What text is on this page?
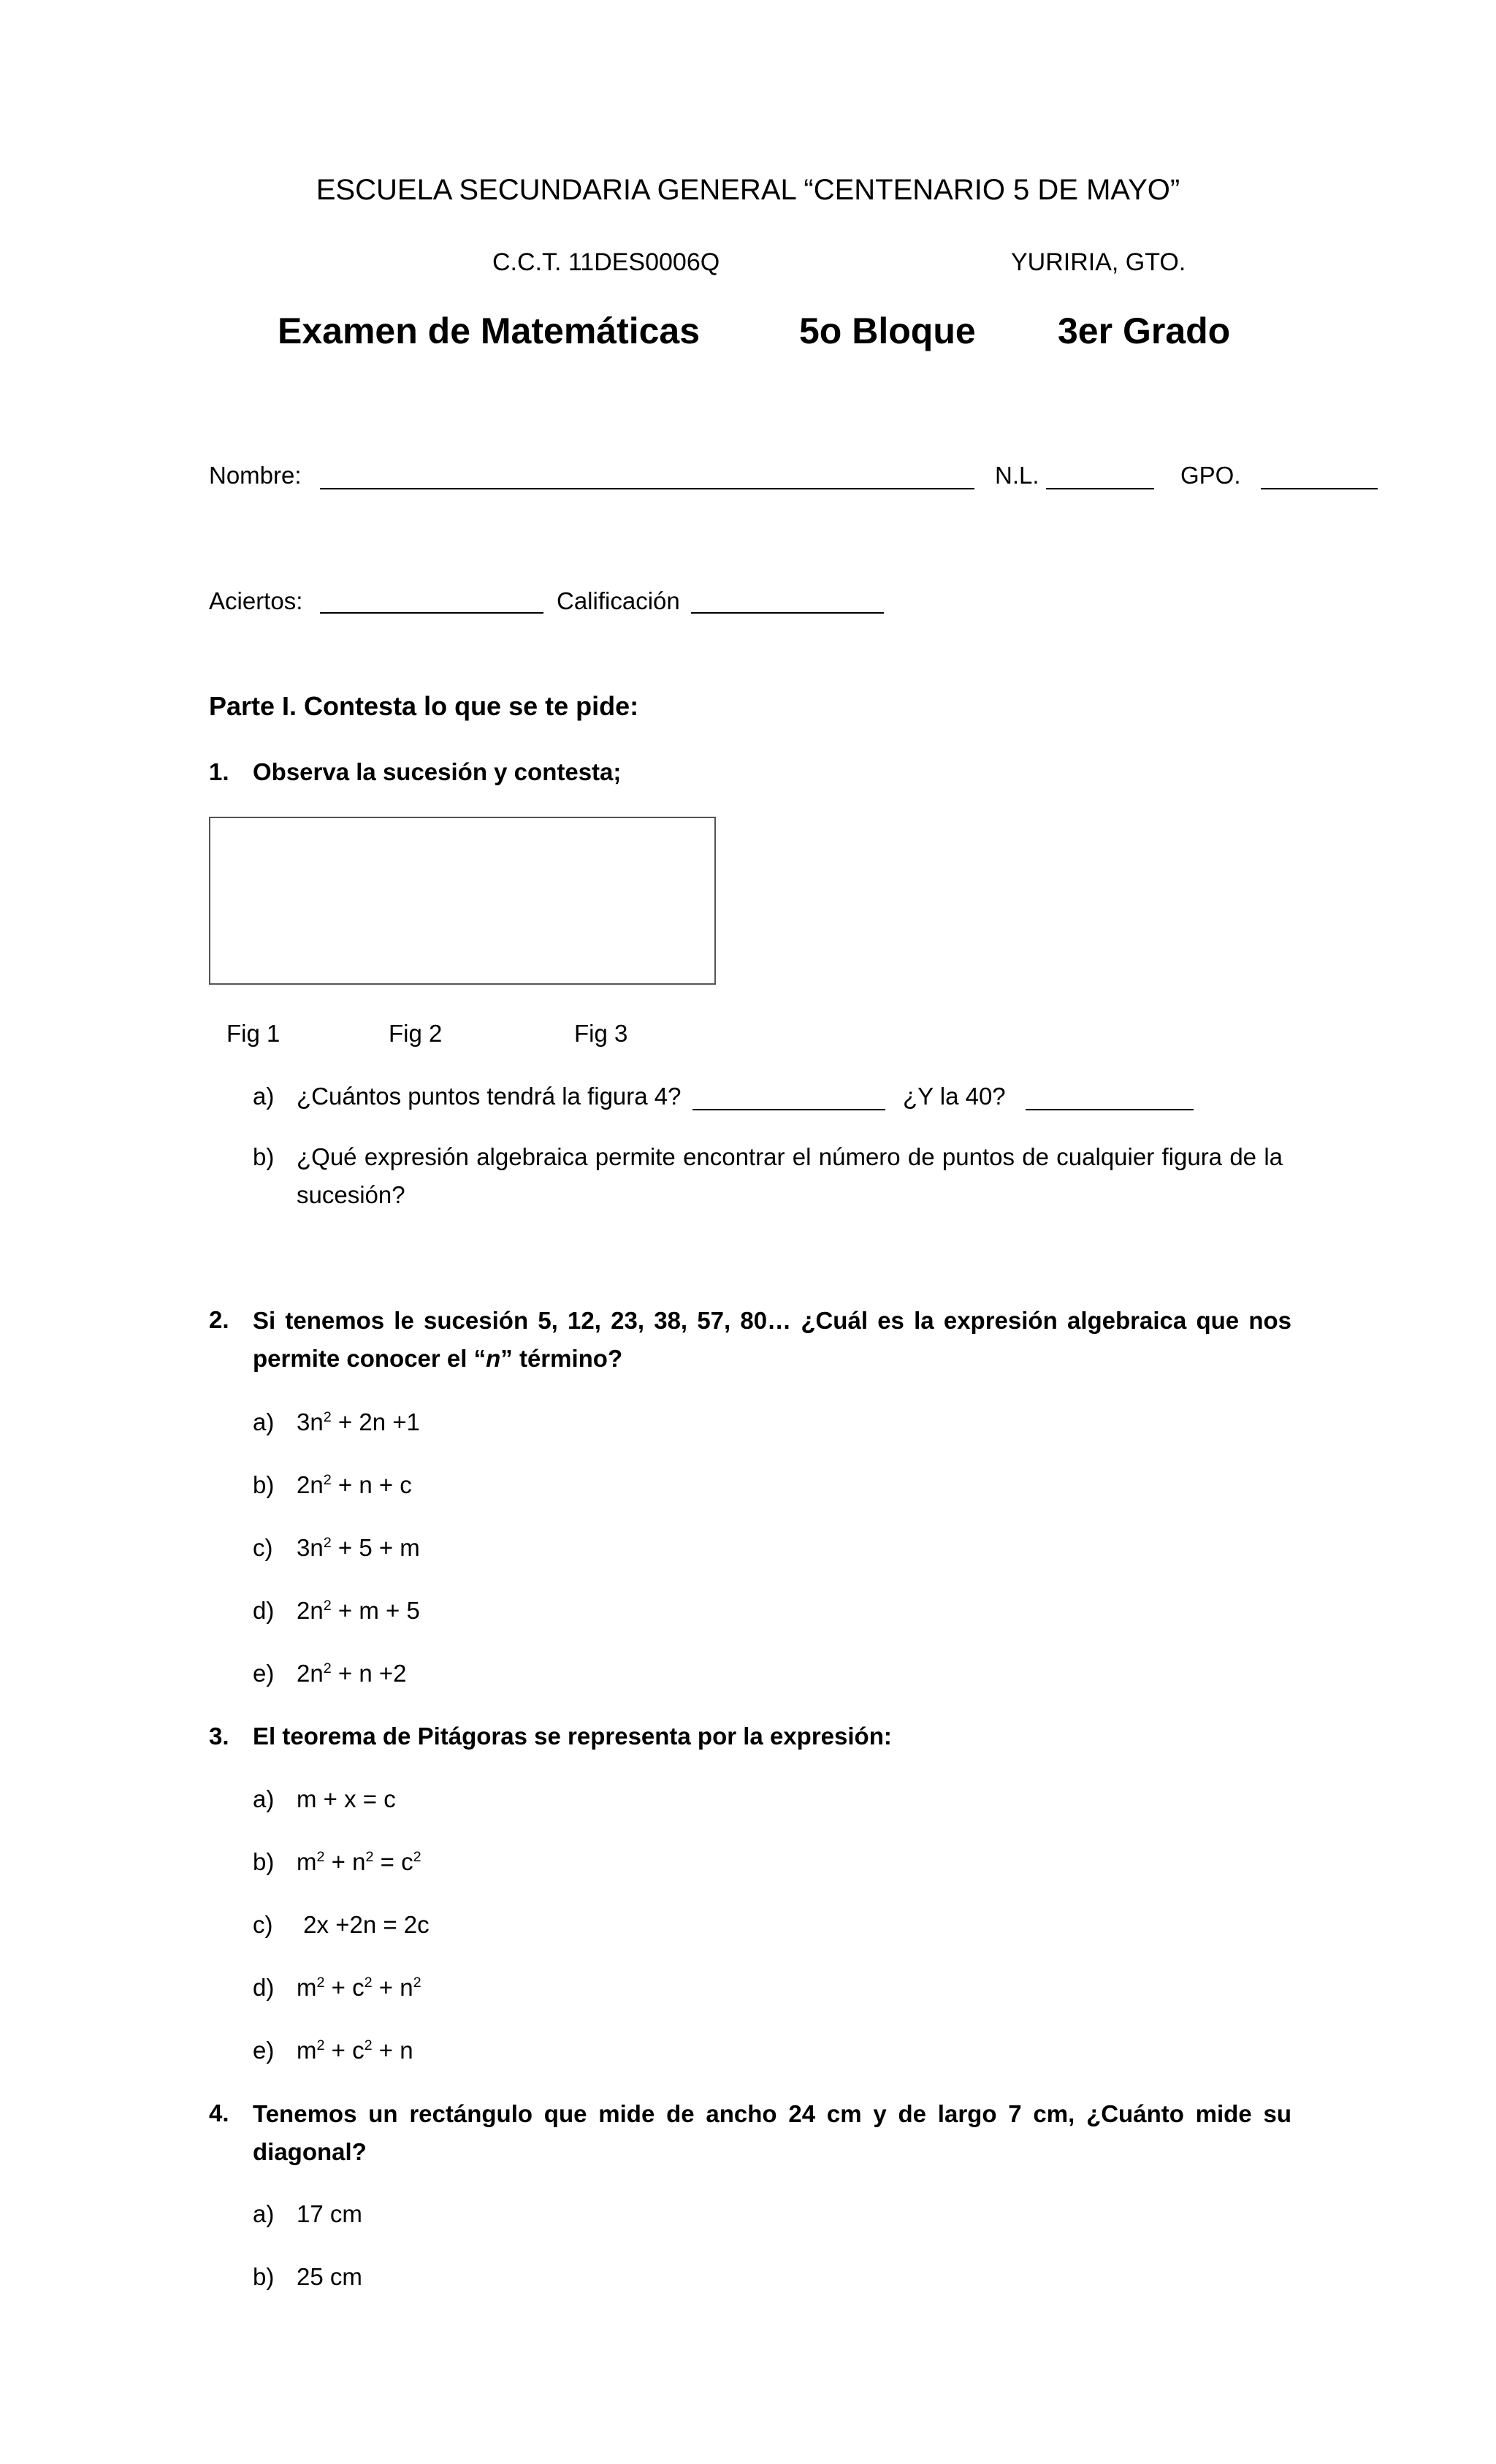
ESCUELA SECUNDARIA GENERAL “CENTENARIO 5 DE MAYO”
C.C.T. 11DES0006Q	YURIRIA, GTO.
Examen de Matemáticas	5o Bloque 3er Grado
Nombre:	N.L.	GPO.
Aciertos:	Calificación
Parte I. Contesta lo que se te pide:
1. Observa la sucesión y contesta;
Fig 1	Fig 2	Fig 3
a) ¿Cuántos puntos tendrá la figura 4?	¿Y la 40?
b) ¿Qué expresión algebraica permite encontrar el número de puntos de cualquier figura de la sucesión?
2. Si tenemos le sucesión 5, 12, 23, 38, 57, 80… ¿Cuál es la expresión algebraica que nos permite conocer el “n” término?
a) $3n^2 + 2n +1$
b) $2n^2 + n + c$
c) $3n^2 + 5 + m$
d) $2n^2 + m + 5$
e) $2n^2 + n +2$
3. El teorema de Pitágoras se representa por la expresión:
a) m + x = c
b) $m^2 + n^2 = c^2$
c) 2x +2n = 2c
d) $m^2 + c^2 + n^2$
e) $m^2 + c^2 + n$
4. Tenemos un rectángulo que mide de ancho 24 cm y de largo 7 cm, ¿Cuánto mide su diagonal?
a) 17 cm
b) 25 cm
